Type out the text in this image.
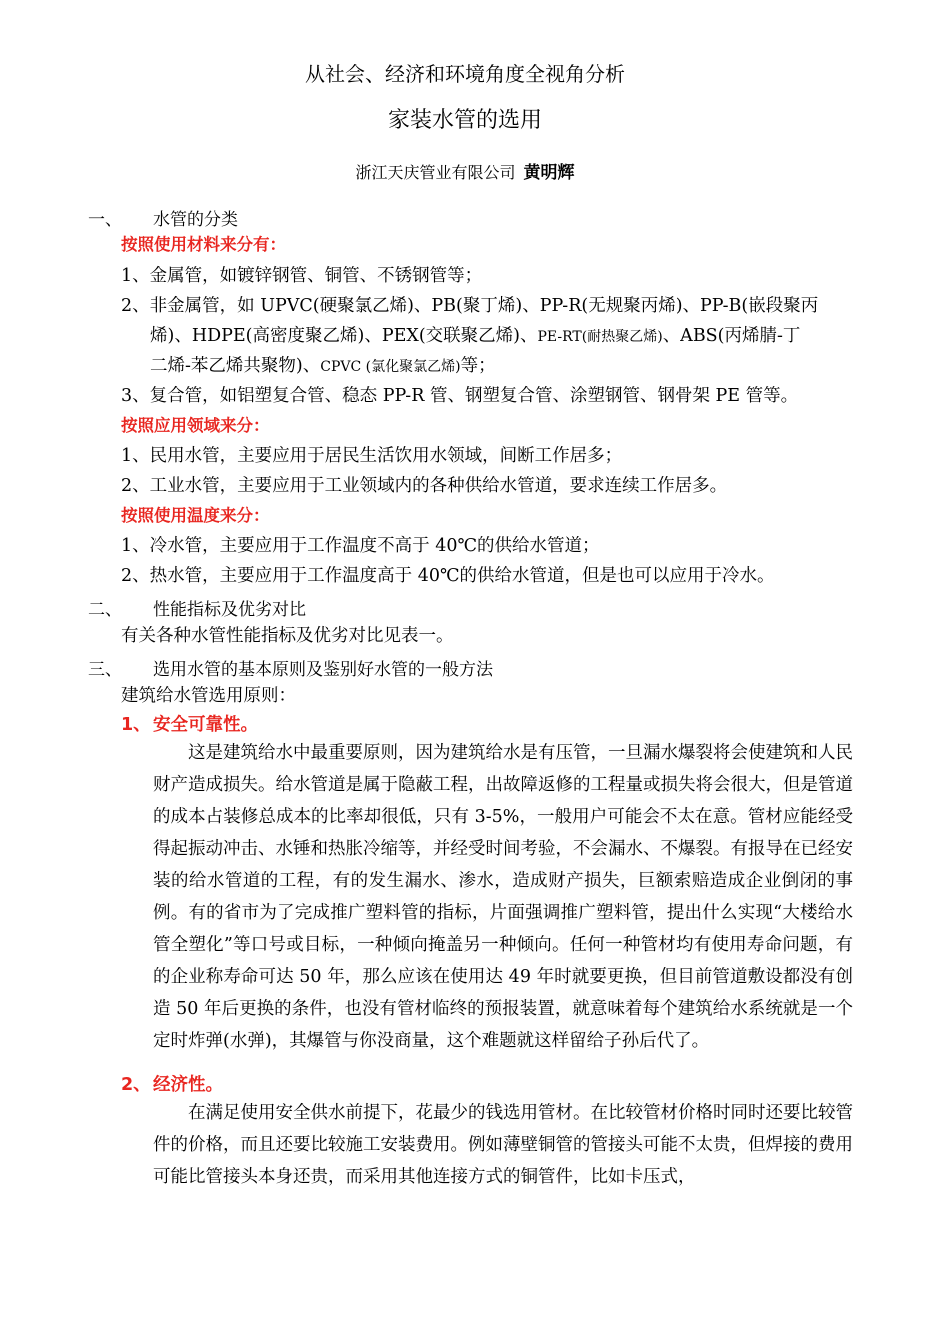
从社会、经济和环境角度全视角分析
家装水管的选用
浙江天庆管业有限公司 黄明辉
一、 水管的分类
按照使用材料来分有：
1、金属管，如镀锌钢管、铜管、不锈钢管等；
2、非金属管，如 UPVC(硬聚氯乙烯)、PB(聚丁烯)、PP-R(无规聚丙烯)、PP-B(嵌段聚丙
烯)、HDPE(高密度聚乙烯)、PEX(交联聚乙烯)、PE-RT(耐热聚乙烯)、ABS(丙烯腈-丁
二烯-苯乙烯共聚物)、CPVC (氯化聚氯乙烯)等；
3、复合管，如铝塑复合管、稳态 PP-R 管、钢塑复合管、涂塑钢管、钢骨架 PE 管等。
按照应用领域来分：
1、民用水管，主要应用于居民生活饮用水领域，间断工作居多；
2、工业水管，主要应用于工业领域内的各种供给水管道，要求连续工作居多。
按照使用温度来分：
1、冷水管，主要应用于工作温度不高于 40℃的供给水管道；
2、热水管，主要应用于工作温度高于 40℃的供给水管道，但是也可以应用于冷水。
二、 性能指标及优劣对比
有关各种水管性能指标及优劣对比见表一。
三、 选用水管的基本原则及鉴别好水管的一般方法
建筑给水管选用原则：
1、 安全可靠性。
这是建筑给水中最重要原则，因为建筑给水是有压管，一旦漏水爆裂将会使建筑和人民财产造成损失。给水管道是属于隐蔽工程，出故障返修的工程量或损失将会很大，但是管道的成本占装修总成本的比率却很低，只有 3-5%，一般用户可能会不太在意。管材应能经受得起振动冲击、水锤和热胀冷缩等，并经受时间考验，不会漏水、不爆裂。有报导在已经安装的给水管道的工程，有的发生漏水、渗水，造成财产损失，巨额索赔造成企业倒闭的事例。有的省市为了完成推广塑料管的指标，片面强调推广塑料管，提出什么实现“大楼给水管全塑化”等口号或目标，一种倾向掩盖另一种倾向。任何一种管材均有使用寿命问题，有的企业称寿命可达 50 年，那么应该在使用达 49 年时就要更换，但目前管道敷设都没有创造 50 年后更换的条件，也没有管材临终的预报装置，就意味着每个建筑给水系统就是一个定时炸弹(水弹)，其爆管与你没商量，这个难题就这样留给子孙后代了。
2、 经济性。
在满足使用安全供水前提下，花最少的钱选用管材。在比较管材价格时同时还要比较管件的价格，而且还要比较施工安装费用。例如薄壁铜管的管接头可能不太贵，但焊接的费用可能比管接头本身还贵，而采用其他连接方式的铜管件，比如卡压式，
